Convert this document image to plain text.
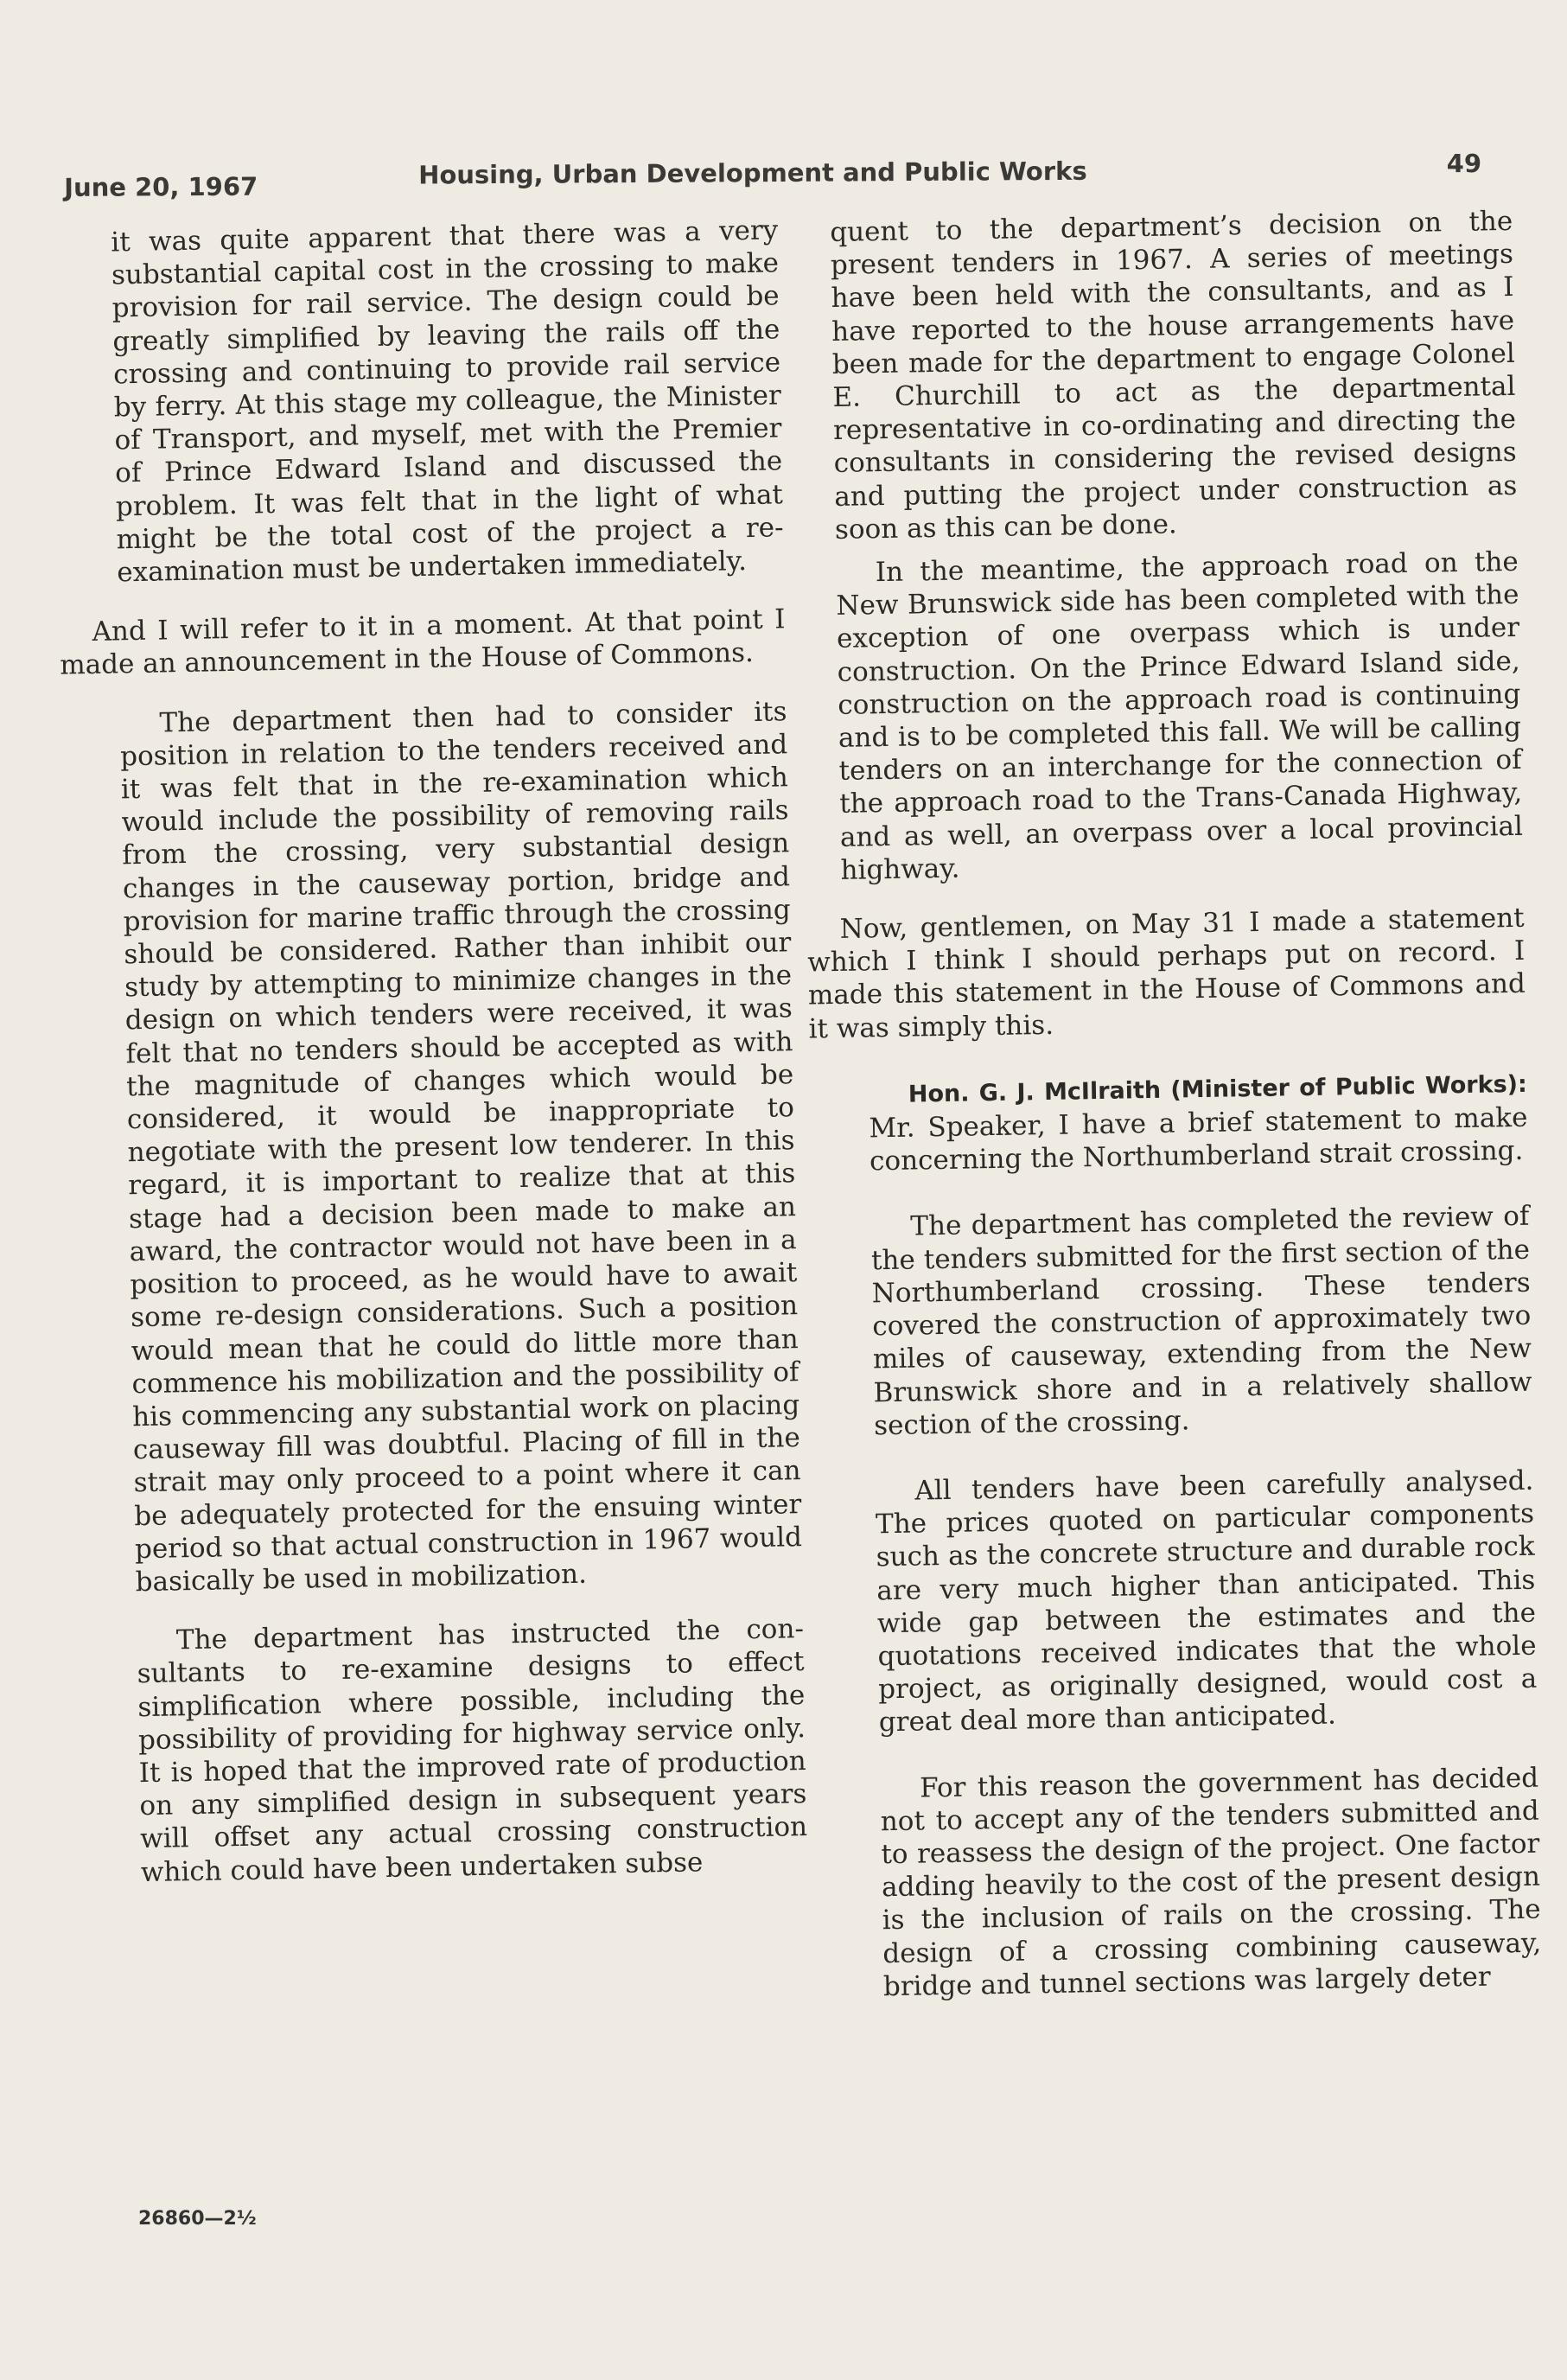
June 20, 1967	Housing, Urban Development and Public Works	49

it was quite apparent that there was a very substantial capital cost in the crossing to make provision for rail service. The design could be greatly simplified by leaving the rails off the crossing and continuing to provide rail service by ferry. At this stage my colleague, the Minister of Transport, and myself, met with the Premier of Prince Edward Island and discussed the problem. It was felt that in the light of what might be the total cost of the project a re-examination must be undertaken immediately.

And I will refer to it in a moment. At that point I made an announcement in the House of Commons.

The department then had to consider its position in relation to the tenders received and it was felt that in the re-examination which would include the possibility of removing rails from the crossing, very substantial design changes in the causeway portion, bridge and provision for marine traffic through the crossing should be considered. Rather than inhibit our study by attempting to minimize changes in the design on which tenders were received, it was felt that no tenders should be accepted as with the magnitude of changes which would be considered, it would be inappropriate to negotiate with the present low tenderer. In this regard, it is important to realize that at this stage had a decision been made to make an award, the contractor would not have been in a position to proceed, as he would have to await some re-design considerations. Such a position would mean that he could do little more than commence his mobilization and the possibility of his commencing any substantial work on placing causeway fill was doubtful. Placing of fill in the strait may only proceed to a point where it can be adequately protected for the ensuing winter period so that actual construction in 1967 would basically be used in mobilization.

The department has instructed the consultants to re-examine designs to effect simplification where possible, including the possibility of providing for highway service only. It is hoped that the improved rate of production on any simplified design in subsequent years will offset any actual crossing construction which could have been undertaken subse

quent to the department’s decision on the present tenders in 1967. A series of meetings have been held with the consultants, and as I have reported to the house arrangements have been made for the department to engage Colonel E. Churchill to act as the departmental representative in co-ordinating and directing the consultants in considering the revised designs and putting the project under construction as soon as this can be done.

In the meantime, the approach road on the New Brunswick side has been completed with the exception of one overpass which is under construction. On the Prince Edward Island side, construction on the approach road is continuing and is to be completed this fall. We will be calling tenders on an interchange for the connection of the approach road to the Trans-Canada Highway, and as well, an overpass over a local provincial highway.

Now, gentlemen, on May 31 I made a statement which I think I should perhaps put on record. I made this statement in the House of Commons and it was simply this.

Hon. G. J. McIlraith (Minister of Public Works): Mr. Speaker, I have a brief statement to make concerning the Northumberland strait crossing.

The department has completed the review of the tenders submitted for the first section of the Northumberland crossing. These tenders covered the construction of approximately two miles of causeway, extending from the New Brunswick shore and in a relatively shallow section of the crossing.

All tenders have been carefully analysed. The prices quoted on particular components such as the concrete structure and durable rock are very much higher than anticipated. This wide gap between the estimates and the quotations received indicates that the whole project, as originally designed, would cost a great deal more than anticipated.

For this reason the government has decided not to accept any of the tenders submitted and to reassess the design of the project. One factor adding heavily to the cost of the present design is the inclusion of rails on the crossing. The design of a crossing combining causeway, bridge and tunnel sections was largely deter

26860—2½
